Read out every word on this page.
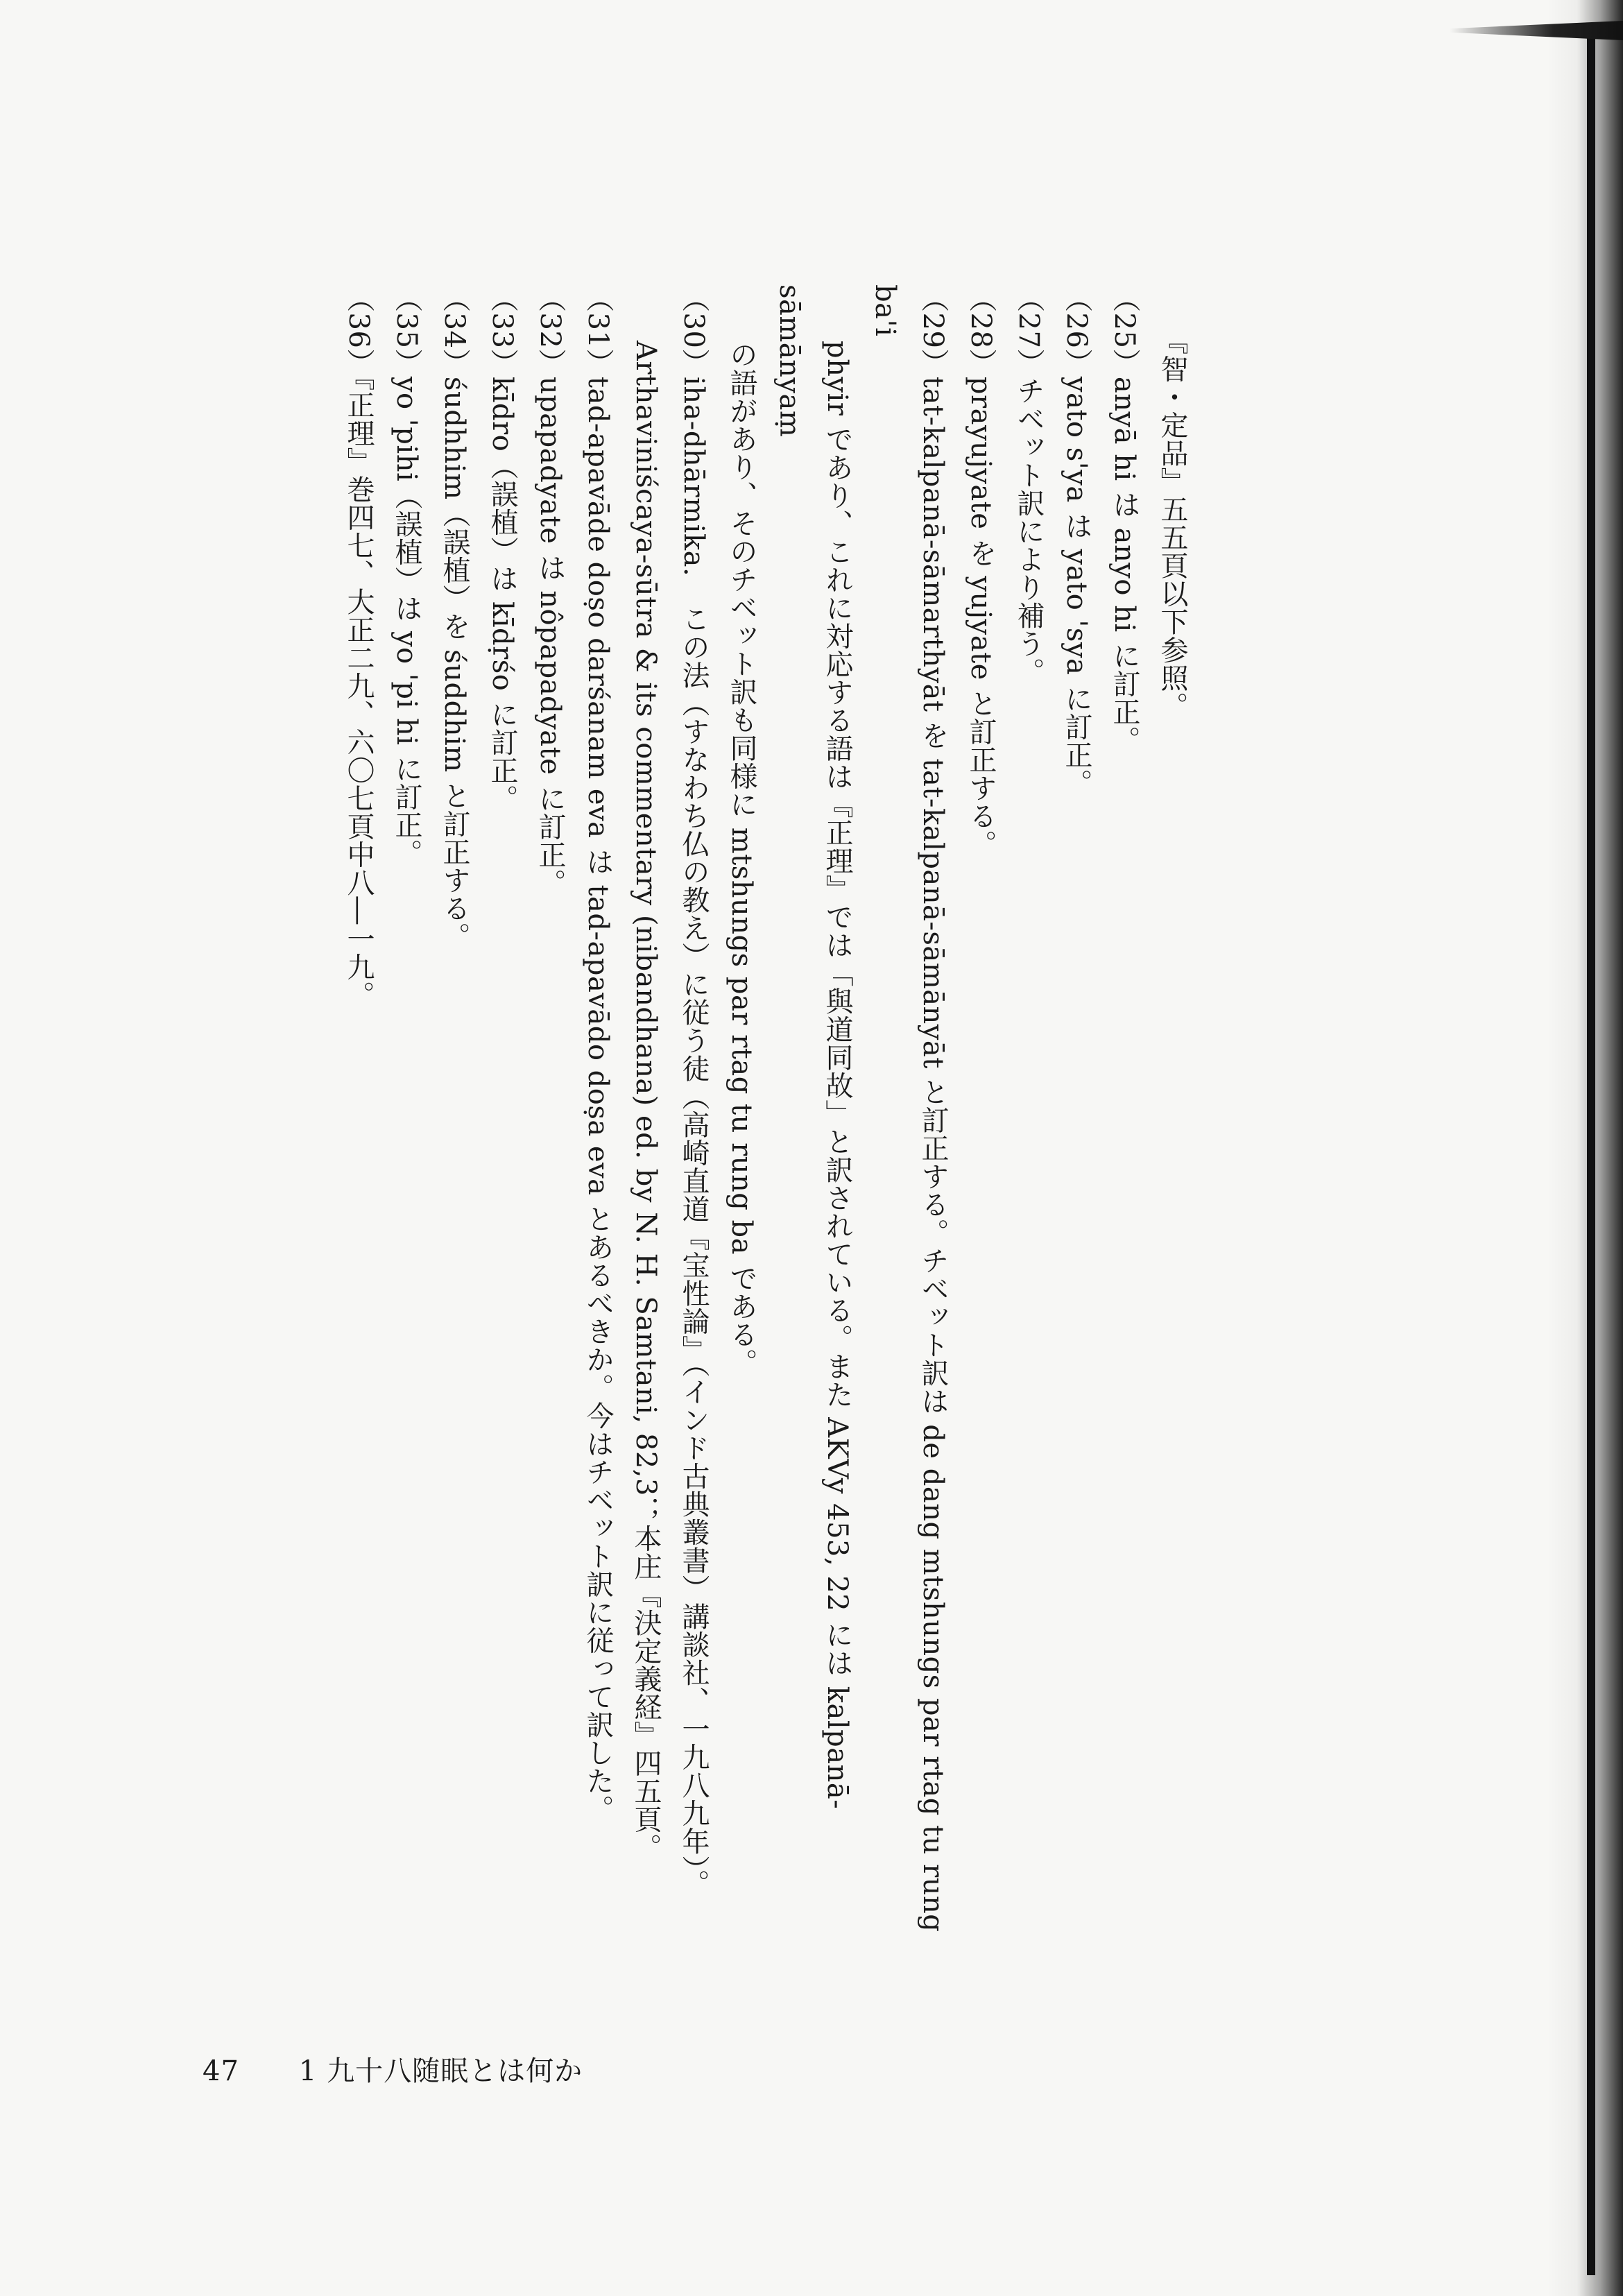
　　『智・定品』五五頁以下参照。
（25）anyā hi は anyo hi に訂正。
（26）yato s'ya は yato 'sya に訂正。
（27）チベット訳により補う。
（28）prayujyate を yujyate と訂正する。
（29）tat-kalpanā-sāmarthyāt を tat-kalpanā-sāmānyāt と訂正する。チベット訳は de dang mtshungs par rtag tu rung ba'i
　　phyir であり、これに対応する語は『正理』では「與道同故」と訳されている。また AKVy 453, 22 には kalpanā-sāmānyaṃ
　　の語があり、そのチベット訳も同様に mtshungs par rtag tu rung ba である。
（30）iha-dhārmika.　この法（すなわち仏の教え）に従う徒（高崎直道『宝性論』（インド古典叢書）講談社、一九八九年）。
　　Arthaviniścaya-sūtra & its commentary (nibandhana) ed. by N. H. Samtani, 82,3；本庄『決定義経』四五頁。
（31）tad-apavāde doṣo darśanam eva は tad-apavādo doṣa eva とあるべきか。今はチベット訳に従って訳した。
（32）upapadyate は nôpapadyate に訂正。
（33）kīdro（誤植）は kīdṛśo に訂正。
（34）śudhhim（誤植）を śuddhim と訂正する。
（35）yo 'pihi（誤植）は yo 'pi hi に訂正。
（36）『正理』巻四七、大正二九、六〇七頁中八―一九。
47 1 九十八随眠とは何か
